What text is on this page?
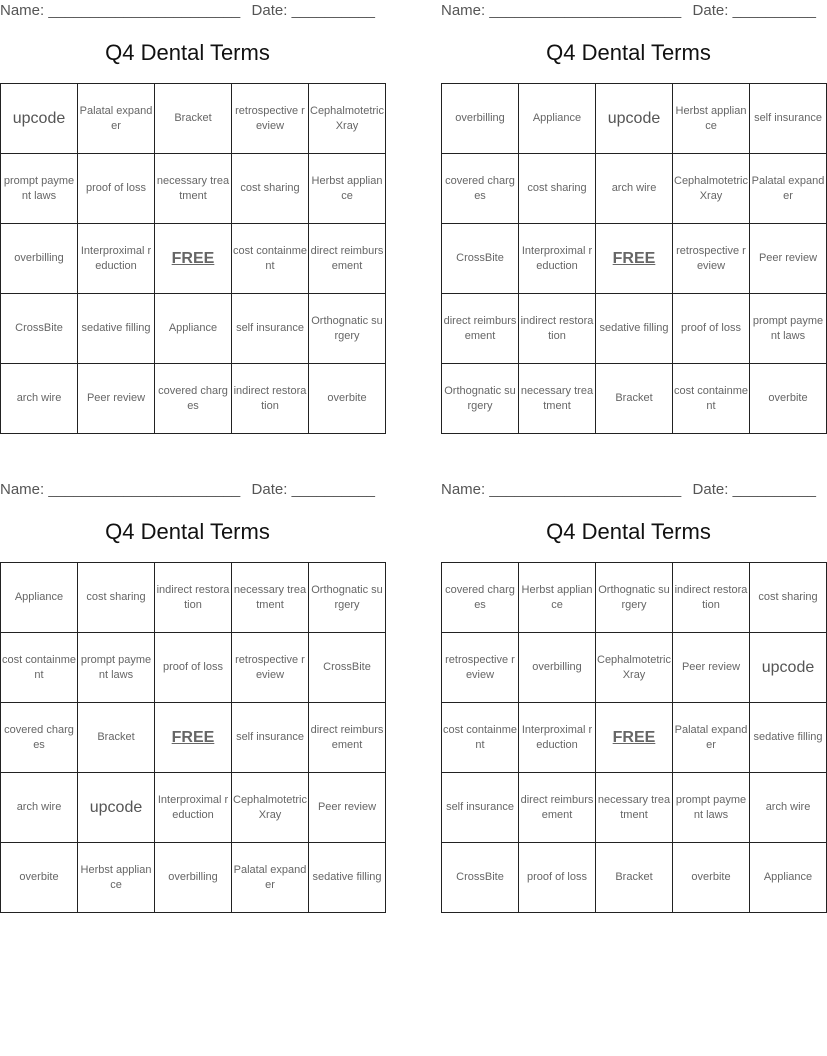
Name: _______________________ Date: __________
Q4 Dental Terms
upcode	Palatal expander	Bracket	retrospective review	Cephalmotetric Xray
prompt payment laws	proof of loss	necessary treatment	cost sharing	Herbst appliance
overbilling	Interproximal reduction	FREE	cost containment	direct reimbursement
CrossBite	sedative filling	Appliance	self insurance	Orthognatic surgery
arch wire	Peer review	covered charges	indirect restoration	overbite
Name: _______________________ Date: __________
Q4 Dental Terms
overbilling	Appliance	upcode	Herbst appliance	self insurance
covered charges	cost sharing	arch wire	Cephalmotetric Xray	Palatal expander
CrossBite	Interproximal reduction	FREE	retrospective review	Peer review
direct reimbursement	indirect restoration	sedative filling	proof of loss	prompt payment laws
Orthognatic surgery	necessary treatment	Bracket	cost containment	overbite
Name: _______________________ Date: __________
Q4 Dental Terms
Appliance	cost sharing	indirect restoration	necessary treatment	Orthognatic surgery
cost containment	prompt payment laws	proof of loss	retrospective review	CrossBite
covered charges	Bracket	FREE	self insurance	direct reimbursement
arch wire	upcode	Interproximal reduction	Cephalmotetric Xray	Peer review
overbite	Herbst appliance	overbilling	Palatal expander	sedative filling
Name: _______________________ Date: __________
Q4 Dental Terms
covered charges	Herbst appliance	Orthognatic surgery	indirect restoration	cost sharing
retrospective review	overbilling	Cephalmotetric Xray	Peer review	upcode
cost containment	Interproximal reduction	FREE	Palatal expander	sedative filling
self insurance	direct reimbursement	necessary treatment	prompt payment laws	arch wire
CrossBite	proof of loss	Bracket	overbite	Appliance
